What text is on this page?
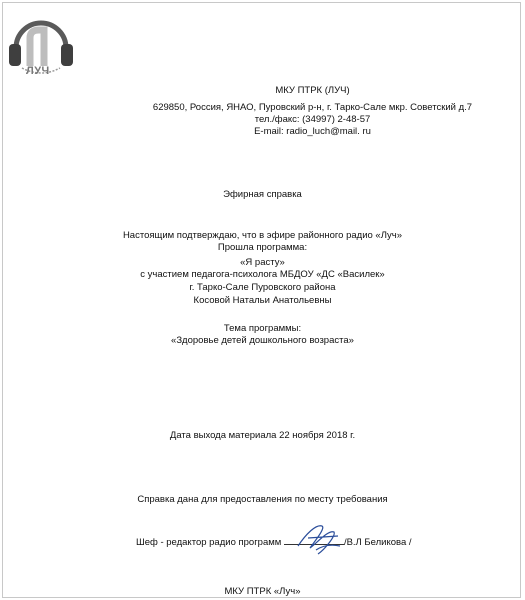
ЛУЧ
МКУ ПТРК (ЛУЧ)
629850, Россия, ЯНАО, Пуровский р-н, г. Тарко-Сале мкр. Советский д.7
тел./факс: (34997) 2-48-57
E-mail: radio_luch@mail. ru
Эфирная справка
Настоящим подтверждаю, что в эфире районного радио «Луч»
Прошла программа:
«Я расту»
с участием педагога-психолога МБДОУ «ДС «Василек»
г. Тарко-Сале Пуровского района
Косовой Натальи Анатольевны
Тема программы:
«Здоровье детей дошкольного возраста»
Дата выхода материала 22 ноября 2018 г.
Справка дана для предоставления по месту требования
Шеф - редактор радио программ	/В.Л Беликова /
МКУ ПТРК «Луч»
